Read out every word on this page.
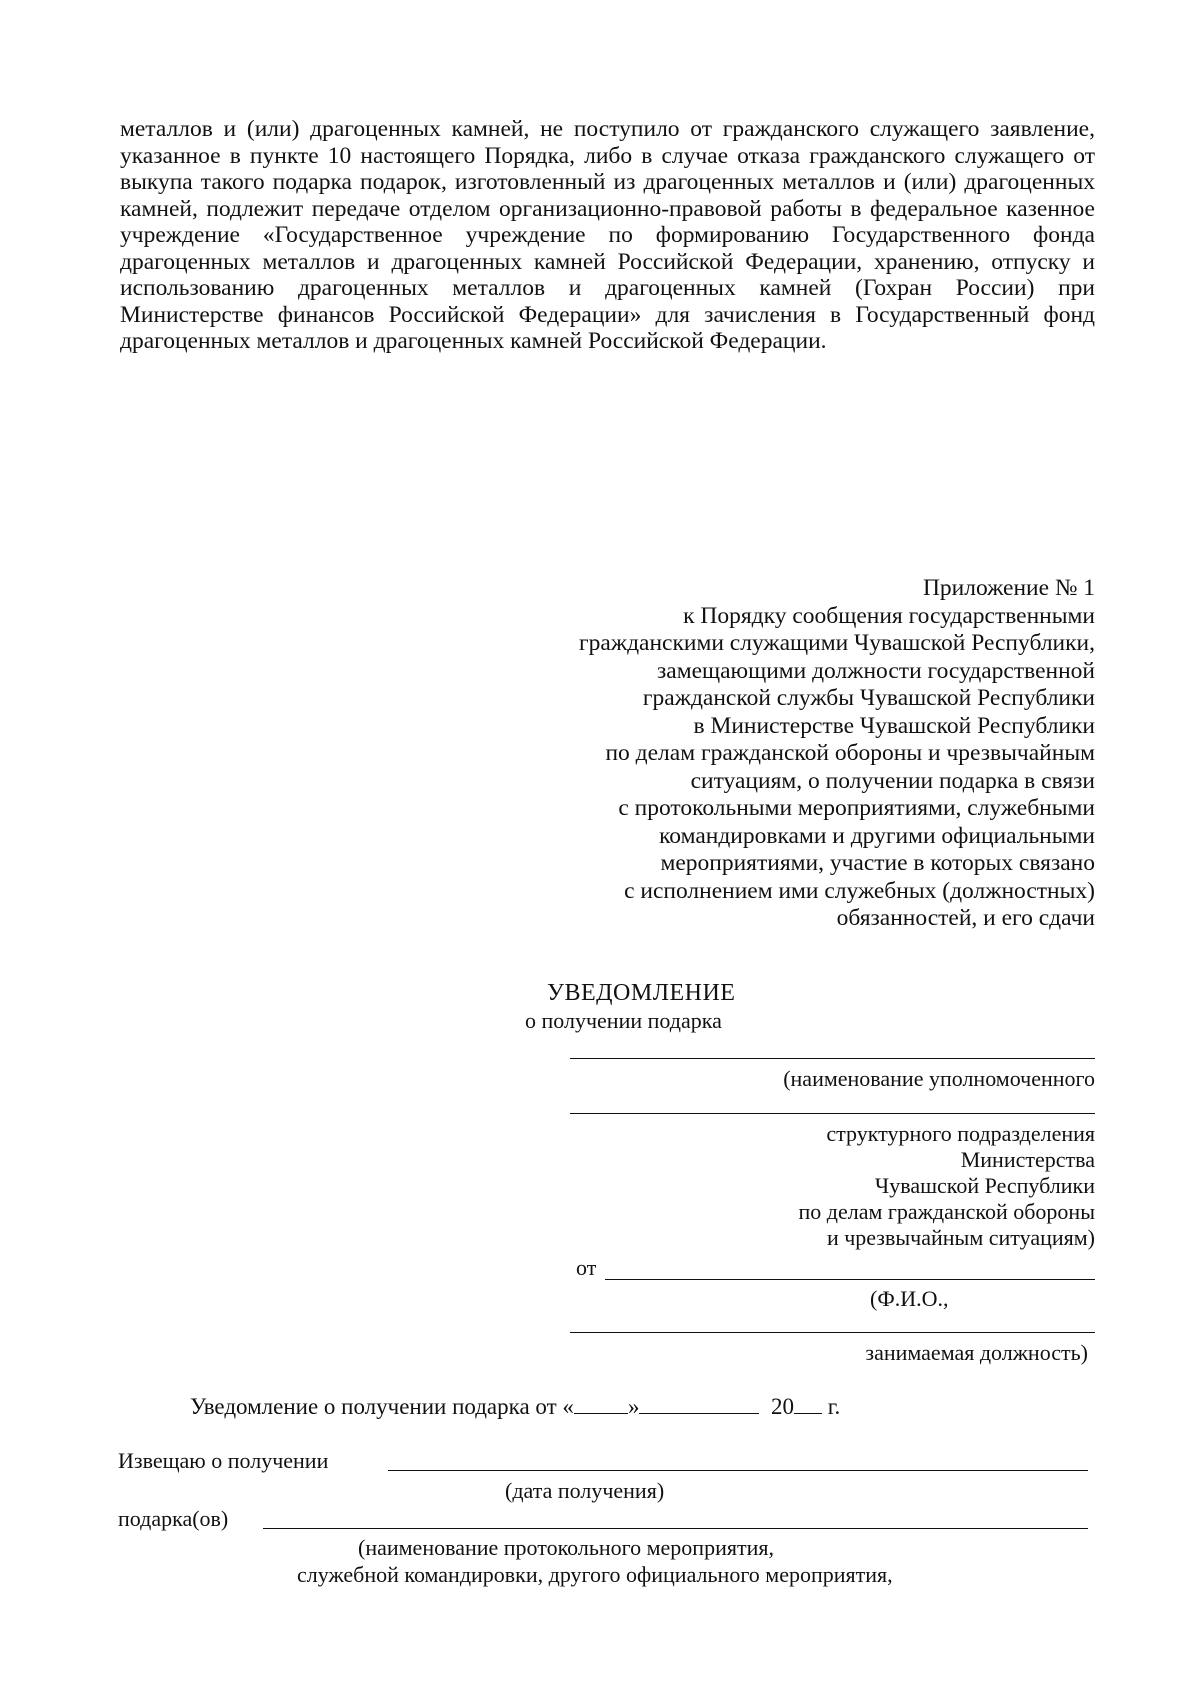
металлов и (или) драгоценных камней, не поступило от гражданского служащего заявление, указанное в пункте 10 настоящего Порядка, либо в случае отказа гражданского служащего от выкупа такого подарка подарок, изготовленный из драгоценных металлов и (или) драгоценных камней, подлежит передаче отделом организационно-правовой работы в федеральное казенное учреждение «Государственное учреждение по формированию Государственного фонда драгоценных металлов и драгоценных камней Российской Федерации, хранению, отпуску и использованию драгоценных металлов и драгоценных камней (Гохран России) при Министерстве финансов Российской Федерации» для зачисления в Государственный фонд драгоценных металлов и драгоценных камней Российской Федерации.

Приложение № 1
к Порядку сообщения государственными
гражданскими служащими Чувашской Республики,
замещающими должности государственной
гражданской службы Чувашской Республики
в Министерстве Чувашской Республики
по делам гражданской обороны и чрезвычайным
ситуациям, о получении подарка в связи
с протокольными мероприятиями, служебными
командировками и другими официальными
мероприятиями, участие в которых связано
с исполнением ими служебных (должностных)
обязанностей, и его сдачи
УВЕДОМЛЕНИЕ
о получении подарка
(наименование уполномоченного
структурного подразделения
Министерства
Чувашской Республики
по делам гражданской обороны
и чрезвычайным ситуациям)
от
(Ф.И.О.,
занимаемая должность)
Уведомление о получении подарка от « »	20 г.
Извещаю о получении
(дата получения)
подарка(ов)
(наименование протокольного мероприятия,
служебной командировки, другого официального мероприятия,
